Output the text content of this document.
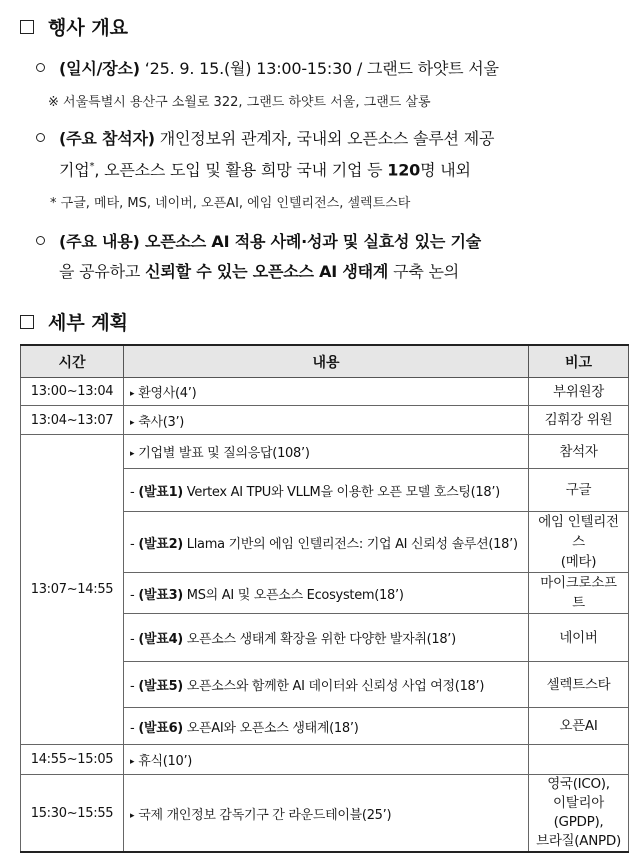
행사 개요
(일시/장소) ‘25. 9. 15.(월) 13:00-15:30 / 그랜드 하얏트 서울
※ 서울특별시 용산구 소월로 322, 그랜드 하얏트 서울, 그랜드 살롱
(주요 참석자) 개인정보위 관계자, 국내외 오픈소스 솔루션 제공
기업*, 오픈소스 도입 및 활용 희망 국내 기업 등 120명 내외
* 구글, 메타, MS, 네이버, 오픈AI, 에임 인텔리전스, 셀렉트스타
(주요 내용) 오픈소스 AI 적용 사례·성과 및 실효성 있는 기술
을 공유하고 신뢰할 수 있는 오픈소스 AI 생태계 구축 논의
세부 계획
시간	내용	비고
13:00~13:04	▸ 환영사(4’)	부위원장
13:04~13:07	▸ 축사(3’)	김휘강 위원
13:07~14:55	▸ 기업별 발표 및 질의응답(108’)	참석자
	- (발표1) Vertex AI TPU와 VLLM을 이용한 오픈 모델 호스팅(18’)	구글
	- (발표2) Llama 기반의 에임 인텔리전스: 기업 AI 신뢰성 솔루션(18’)	에임 인텔리전스
(메타)
	- (발표3) MS의 AI 및 오픈소스 Ecosystem(18’)	마이크로소프트
	- (발표4) 오픈소스 생태계 확장을 위한 다양한 발자취(18’)	네이버
	- (발표5) 오픈소스와 함께한 AI 데이터와 신뢰성 사업 여정(18’)	셀렉트스타
	- (발표6) 오픈AI와 오픈소스 생태계(18’)	오픈AI
14:55~15:05	▸ 휴식(10’)	
15:30~15:55	▸ 국제 개인정보 감독기구 간 라운드테이블(25’)	영국(ICO),
이탈리아(GPDP),
브라질(ANPD)
